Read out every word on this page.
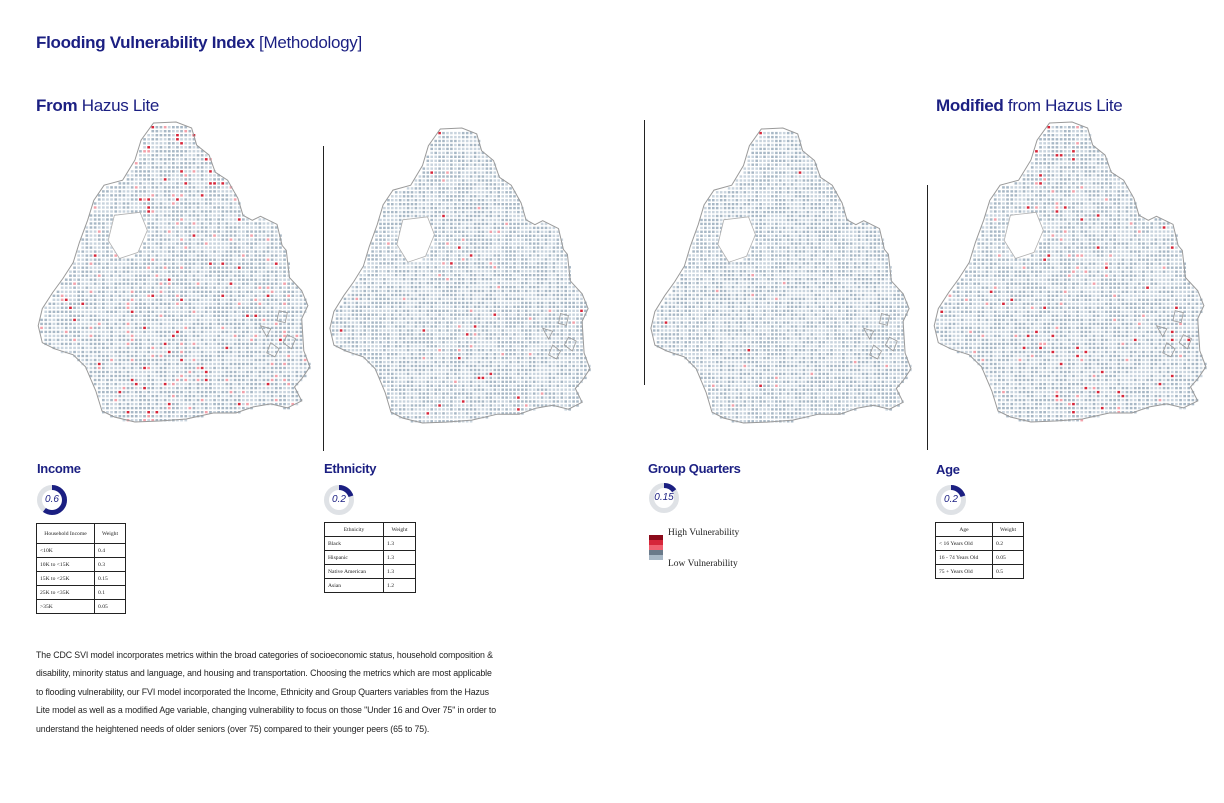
Flooding Vulnerability Index [Methodology]
From Hazus Lite	Modified from Hazus Lite
Income
0.6
Household Income	Weight
<10K	0.4
10K to <15K	0.3
15K to <25K	0.15
25K to <35K	0.1
>35K	0.05
Ethnicity
0.2
Ethnicity	Weight
Black	1.3
Hispanic	1.3
Native American	1.3
Asian	1.2
Group Quarters
0.15
High Vulnerability
Low Vulnerability
Age
0.2
Age	Weight
< 16 Years Old	0.2
16 - 74 Years Old	0.05
75 + Years Old	0.5
The CDC SVI model incorporates metrics within the broad categories of socioeconomic status, household composition & disability, minority status and language, and housing and transportation. Choosing the metrics which are most applicable to flooding vulnerability, our FVI model incorporated the Income, Ethnicity and Group Quarters variables from the Hazus Lite model as well as a modified Age variable, changing vulnerability to focus on those "Under 16 and Over 75" in order to understand the heightened needs of older seniors (over 75) compared to their younger peers (65 to 75).
